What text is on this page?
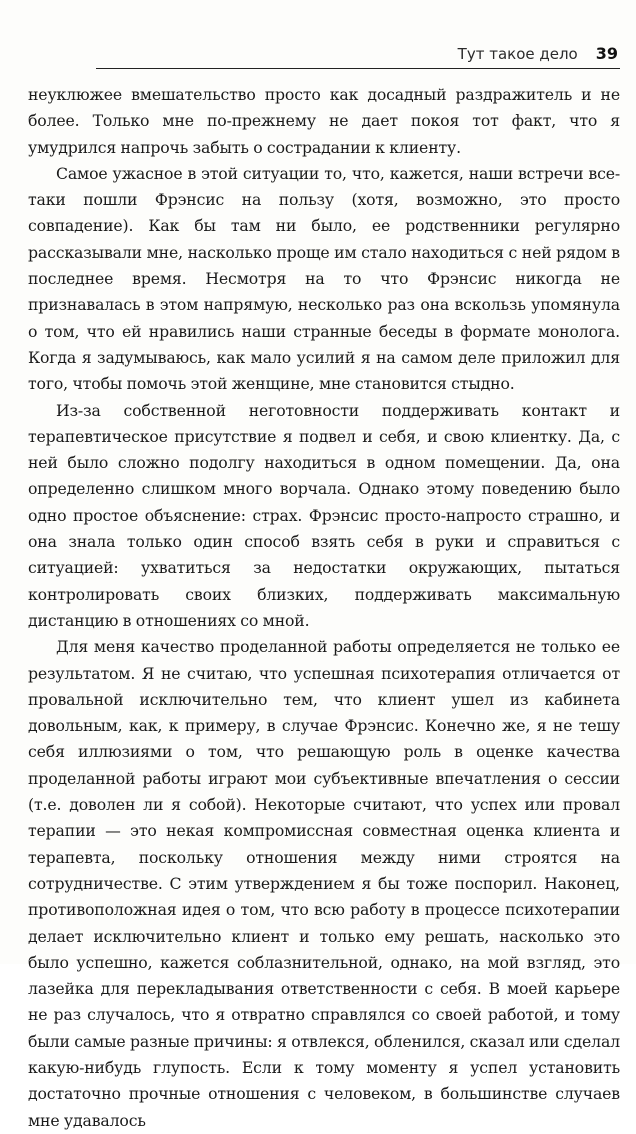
Тут такое дело 39

неуклюжее вмешательство просто как досадный раздражитель и не более. Только мне по-прежнему не дает покоя тот факт, что я умудрился напрочь забыть о сострадании к клиенту.

Самое ужасное в этой ситуации то, что, кажется, наши встречи все-таки пошли Фрэнсис на пользу (хотя, возможно, это просто совпадение). Как бы там ни было, ее родственники регулярно рассказывали мне, насколько проще им стало находиться с ней рядом в последнее время. Несмотря на то что Фрэнсис никогда не признавалась в этом напрямую, несколько раз она вскользь упомянула о том, что ей нравились наши странные беседы в формате монолога. Когда я задумываюсь, как мало усилий я на самом деле приложил для того, чтобы помочь этой женщине, мне становится стыдно.

Из-за собственной неготовности поддерживать контакт и терапевтическое присутствие я подвел и себя, и свою клиентку. Да, с ней было сложно подолгу находиться в одном помещении. Да, она определенно слишком много ворчала. Однако этому поведению было одно простое объяснение: страх. Фрэнсис просто-напросто страшно, и она знала только один способ взять себя в руки и справиться с ситуацией: ухватиться за недостатки окружающих, пытаться контролировать своих близких, поддерживать максимальную дистанцию в отношениях со мной.

Для меня качество проделанной работы определяется не только ее результатом. Я не считаю, что успешная психотерапия отличается от провальной исключительно тем, что клиент ушел из кабинета довольным, как, к примеру, в случае Фрэнсис. Конечно же, я не тешу себя иллюзиями о том, что решающую роль в оценке качества проделанной работы играют мои субъективные впечатления о сессии (т.е. доволен ли я собой). Некоторые считают, что успех или провал терапии — это некая компромиссная совместная оценка клиента и терапевта, поскольку отношения между ними строятся на сотрудничестве. С этим утверждением я бы тоже поспорил. Наконец, противоположная идея о том, что всю работу в процессе психотерапии делает исключительно клиент и только ему решать, насколько это было успешно, кажется соблазнительной, однако, на мой взгляд, это лазейка для перекладывания ответственности с себя. В моей карьере не раз случалось, что я отвратно справлялся со своей работой, и тому были самые разные причины: я отвлекся, обленился, сказал или сделал какую-нибудь глупость. Если к тому моменту я успел установить достаточно прочные отношения с человеком, в большинстве случаев мне удавалось
